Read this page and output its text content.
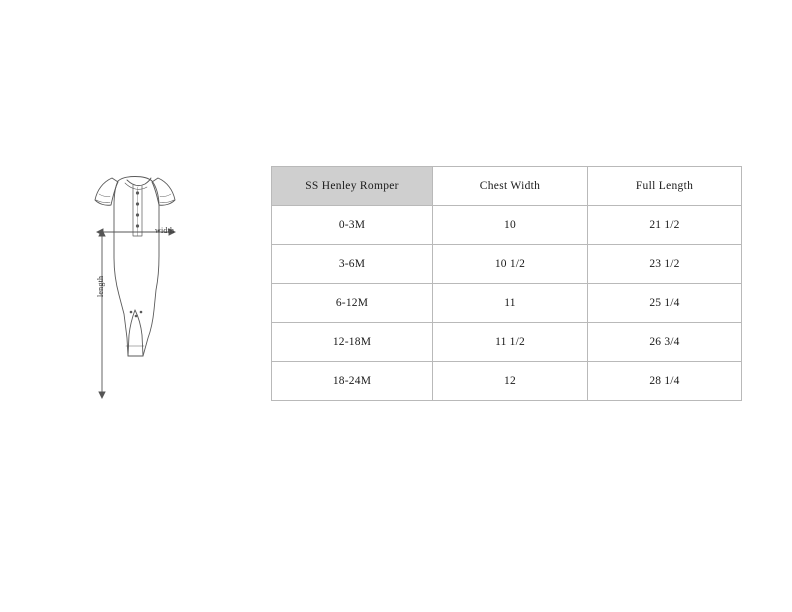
width
length
SS Henley Romper	Chest Width	Full Length
0-3M	10	21 1/2
3-6M	10 1/2	23 1/2
6-12M	11	25 1/4
12-18M	11 1/2	26 3/4
18-24M	12	28 1/4
